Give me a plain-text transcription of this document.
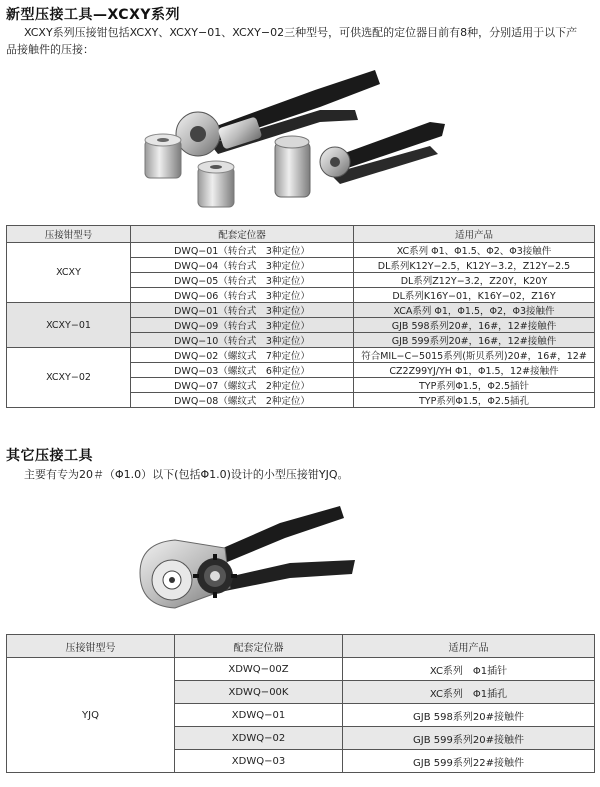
新型压接工具—XCXY系列
XCXY系列压接钳包括XCXY、XCXY−01、XCXY−02三种型号，可供选配的定位器目前有8种，分别适用于以下产
品接触件的压接：
压接钳型号	配套定位器	适用产品
XCXY	DWQ−01（转台式　3种定位）	XC系列 Φ1、Φ1.5、Φ2、Φ3接触件
	DWQ−04（转台式　3种定位）	DL系列K12Y−2.5，K12Y−3.2，Z12Y−2.5
	DWQ−05（转台式　3种定位）	DL系列Z12Y−3.2，Z20Y，K20Y
	DWQ−06（转台式　3种定位）	DL系列K16Y−01，K16Y−02，Z16Y
XCXY−01	DWQ−01（转台式　3种定位）	XCA系列 Φ1，Φ1.5，Φ2，Φ3接触件
	DWQ−09（转台式　3种定位）	GJB 598系列20#，16#，12#接触件
	DWQ−10（转台式　3种定位）	GJB 599系列20#，16#，12#接触件
XCXY−02	DWQ−02（螺纹式　7种定位）	符合MIL−C−5015系列(斯贝系列)20#，16#，12#
	DWQ−03（螺纹式　6种定位）	CZ2Z99YJ/YH Φ1，Φ1.5，12#接触件
	DWQ−07（螺纹式　2种定位）	TYP系列Φ1.5，Φ2.5插针
	DWQ−08（螺纹式　2种定位）	TYP系列Φ1.5，Φ2.5插孔
其它压接工具
主要有专为20＃（Φ1.0）以下(包括Φ1.0)设计的小型压接钳YJQ。
压接钳型号	配套定位器	适用产品
YJQ	XDWQ−00Z	XC系列　Φ1插针
	XDWQ−00K	XC系列　Φ1插孔
	XDWQ−01	GJB 598系列20#接触件
	XDWQ−02	GJB 599系列20#接触件
	XDWQ−03	GJB 599系列22#接触件
